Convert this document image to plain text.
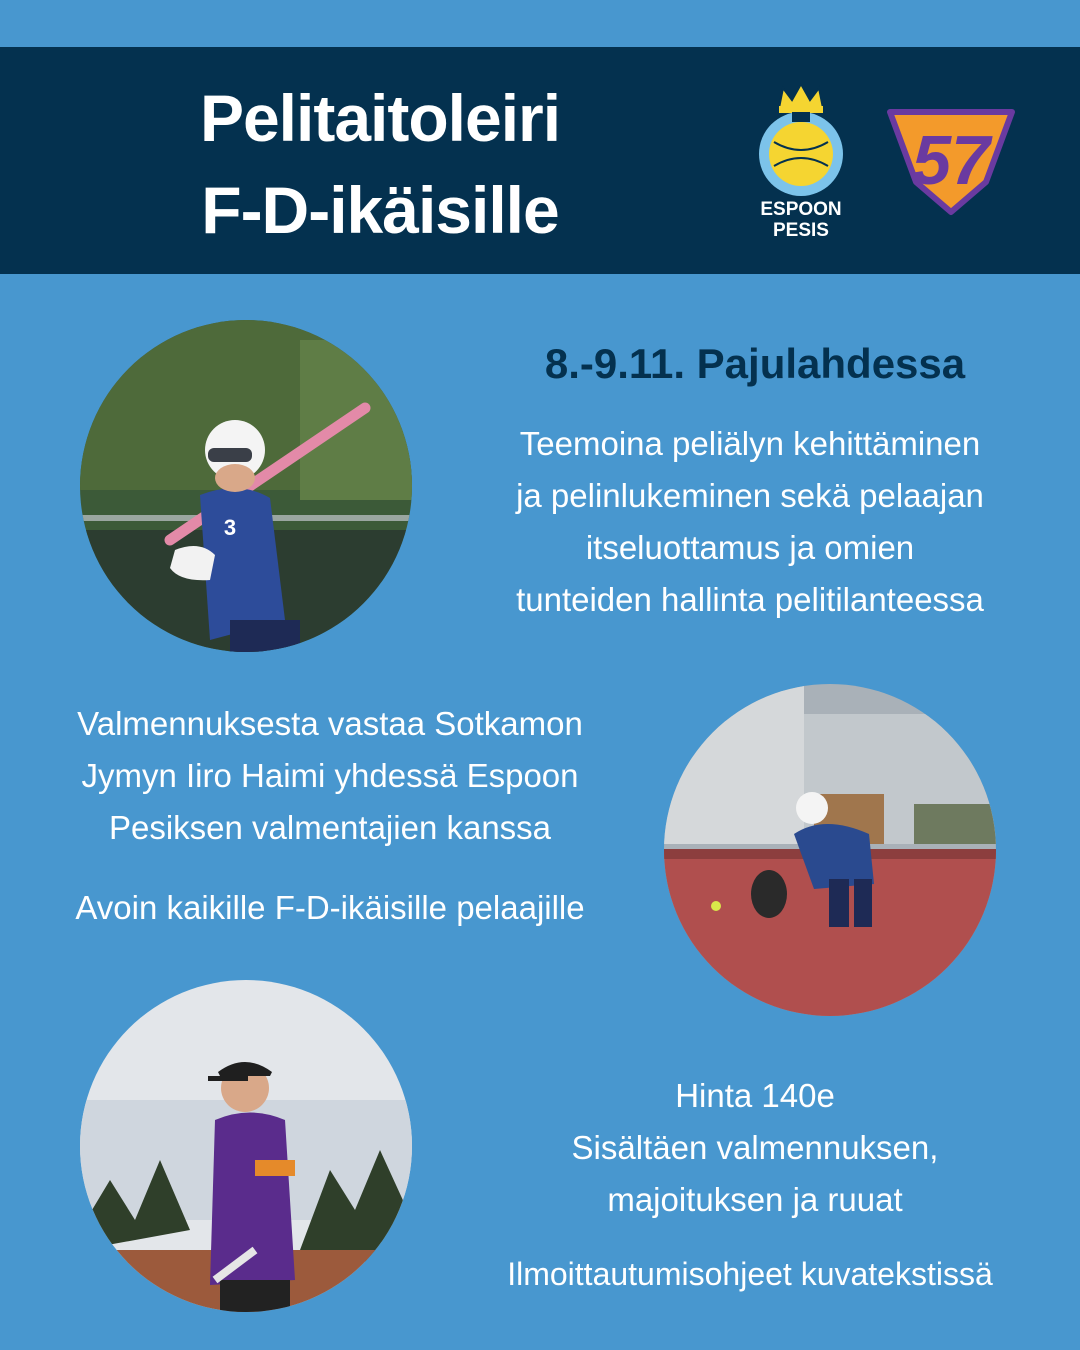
Pelitaitoleiri
F-D-ikäisille	ESPOON
PESIS
57
3
8.-9.11. Pajulahdessa
Teemoina peliälyn kehittäminen
ja pelinlukeminen sekä pelaajan
itseluottamus ja omien
tunteiden hallinta pelitilanteessa
Valmennuksesta vastaa Sotkamon
Jymyn Iiro Haimi yhdessä Espoon
Pesiksen valmentajien kanssa
Avoin kaikille F-D-ikäisille pelaajille
Hinta 140e
Sisältäen valmennuksen,
majoituksen ja ruuat
Ilmoittautumisohjeet kuvatekstissä
